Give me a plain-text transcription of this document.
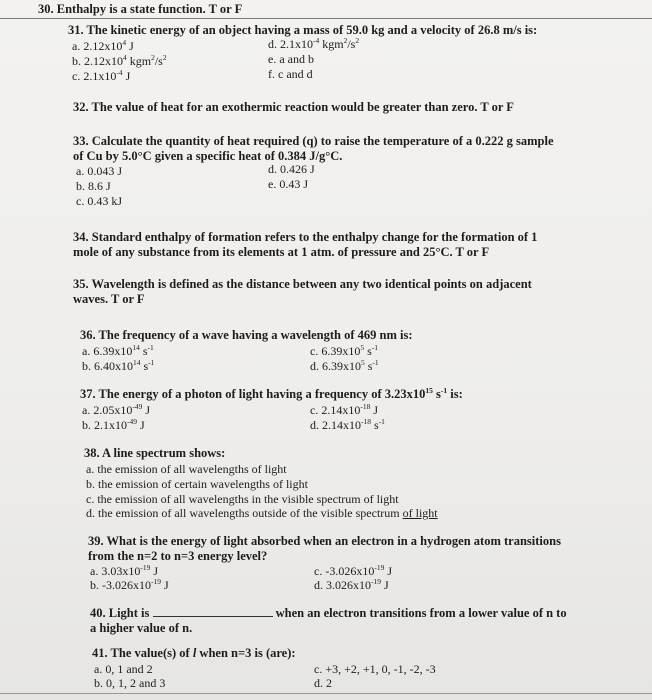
30. Enthalpy is a state function. T or F
31. The kinetic energy of an object having a mass of 59.0 kg and a velocity of 26.8 m/s is:
a. $2.12x10^4$ J
b. $2.12x10^4$ $kgm^2/s^2$
c. $2.1x10^{-4}$ J
d. $2.1x10^{-4}$ $kgm^2/s^2$
e. a and b
f. c and d
32. The value of heat for an exothermic reaction would be greater than zero. T or F
33. Calculate the quantity of heat required (q) to raise the temperature of a 0.222 g sample
of Cu by 5.0°C given a specific heat of 0.384 J/g°C.
a. 0.043 J
b. 8.6 J
c. 0.43 kJ
d. 0.426 J
e. 0.43 J
34. Standard enthalpy of formation refers to the enthalpy change for the formation of 1
mole of any substance from its elements at 1 atm. of pressure and 25°C. T or F
35. Wavelength is defined as the distance between any two identical points on adjacent
waves. T or F
36. The frequency of a wave having a wavelength of 469 nm is:
a. $6.39x10^{14}$ $s^{-1}$
b. $6.40x10^{14}$ $s^{-1}$
c. $6.39x10^5$ $s^{-1}$
d. $6.39x10^5$ $s^{-1}$
37. The energy of a photon of light having a frequency of $3.23x10^{15}$ $s^{-1}$ is:
a. $2.05x10^{-49}$ J
b. $2.1x10^{-49}$ J
c. $2.14x10^{-18}$ J
d. $2.14x10^{-18}$ $s^{-1}$
38. A line spectrum shows:
a. the emission of all wavelengths of light
b. the emission of certain wavelengths of light
c. the emission of all wavelengths in the visible spectrum of light
d. the emission of all wavelengths outside of the visible spectrum of light
39. What is the energy of light absorbed when an electron in a hydrogen atom transitions
from the n=2 to n=3 energy level?
a. $3.03x10^{-19}$ J
b. $-3.026x10^{-19}$ J
c. $-3.026x10^{-19}$ J
d. $3.026x10^{-19}$ J
40. Light is	when an electron transitions from a lower value of n to
a higher value of n.
41. The value(s) of l when n=3 is (are):
a. 0, 1 and 2
b. 0, 1, 2 and 3
c. +3, +2, +1, 0, -1, -2, -3
d. 2
